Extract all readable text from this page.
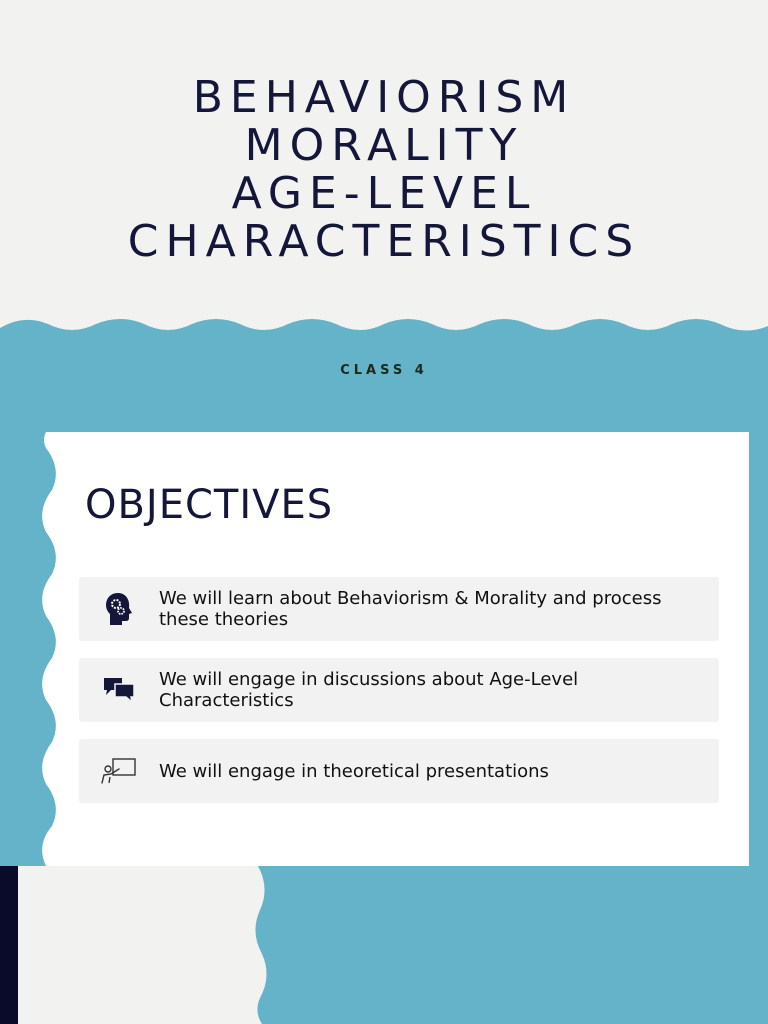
BEHAVIORISM
MORALITY
AGE-LEVEL
CHARACTERISTICS
CLASS 4
OBJECTIVES
We will learn about Behaviorism & Morality and process these theories
We will engage in discussions about Age-Level Characteristics
We will engage in theoretical presentations
